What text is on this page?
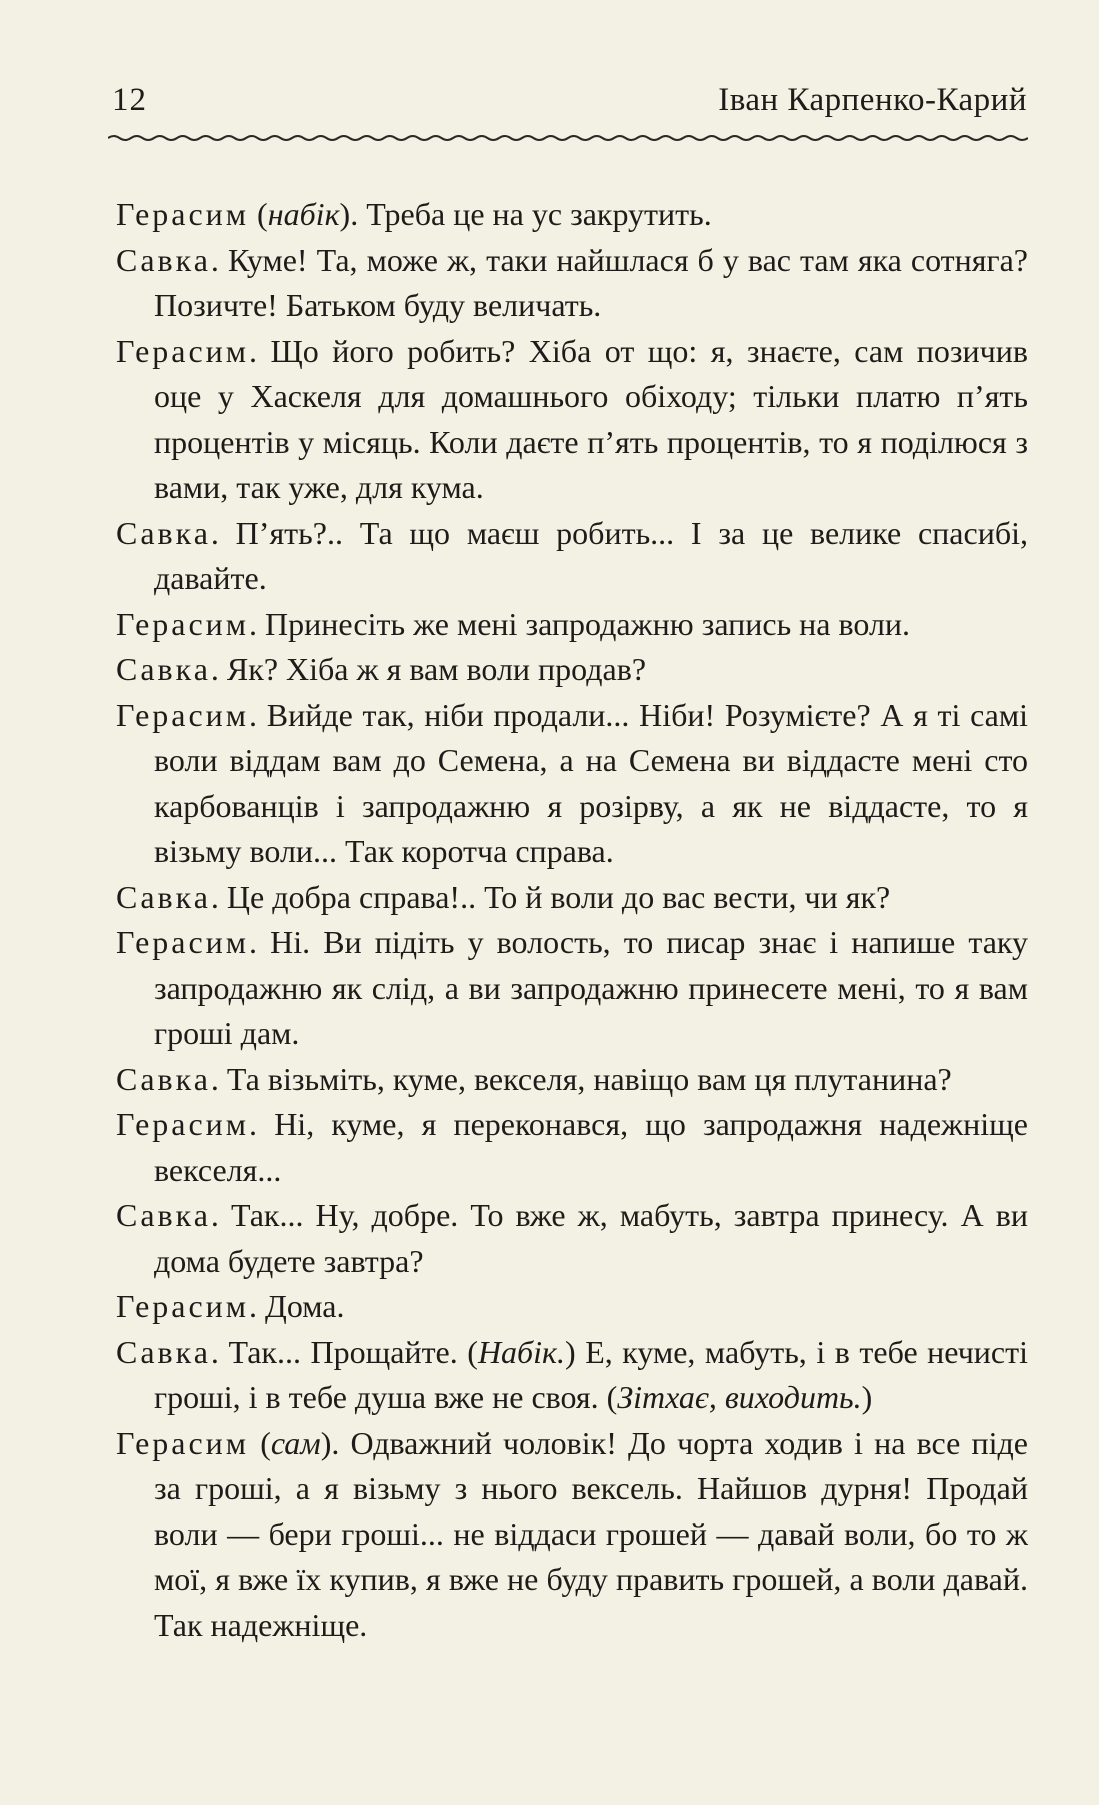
12	Іван Карпенко-Карий

Герасим (набік). Треба це на ус закрутить.

Савка. Куме! Та, може ж, таки найшлася б у вас там яка сотняга? Позичте! Батьком буду величать.

Герасим. Що його робить? Хіба от що: я, знаєте, сам позичив оце у Хаскеля для домашнього обіходу; тільки платю п’ять процентів у місяць. Коли даєте п’ять процентів, то я поділюся з вами, так уже, для кума.

Савка. П’ять?.. Та що маєш робить... І за це велике спасибі, давайте.

Герасим. Принесіть же мені запродажню запись на воли.

Савка. Як? Хіба ж я вам воли продав?

Герасим. Вийде так, ніби продали... Ніби! Розумієте? А я ті самі воли віддам вам до Семена, а на Семена ви віддасте мені сто карбованців і запродажню я розірву, а як не віддасте, то я візьму воли... Так коротча справа.

Савка. Це добра справа!.. То й воли до вас вести, чи як?

Герасим. Ні. Ви підіть у волость, то писар знає і напише таку запродажню як слід, а ви запродажню принесете мені, то я вам гроші дам.

Савка. Та візьміть, куме, векселя, навіщо вам ця плутанина?

Герасим. Ні, куме, я переконався, що запродажня надежніще векселя...

Савка. Так... Ну, добре. То вже ж, мабуть, завтра принесу. А ви дома будете завтра?

Герасим. Дома.

Савка. Так... Прощайте. (Набік.) Е, куме, мабуть, і в тебе нечисті гроші, і в тебе душа вже не своя. (Зітхає, виходить.)

Герасим (сам). Одважний чоловік! До чорта ходив і на все піде за гроші, а я візьму з нього вексель. Найшов дурня! Продай воли — бери гроші... не віддаси грошей — давай воли, бо то ж мої, я вже їх купив, я вже не буду править грошей, а воли давай. Так надежніще.
